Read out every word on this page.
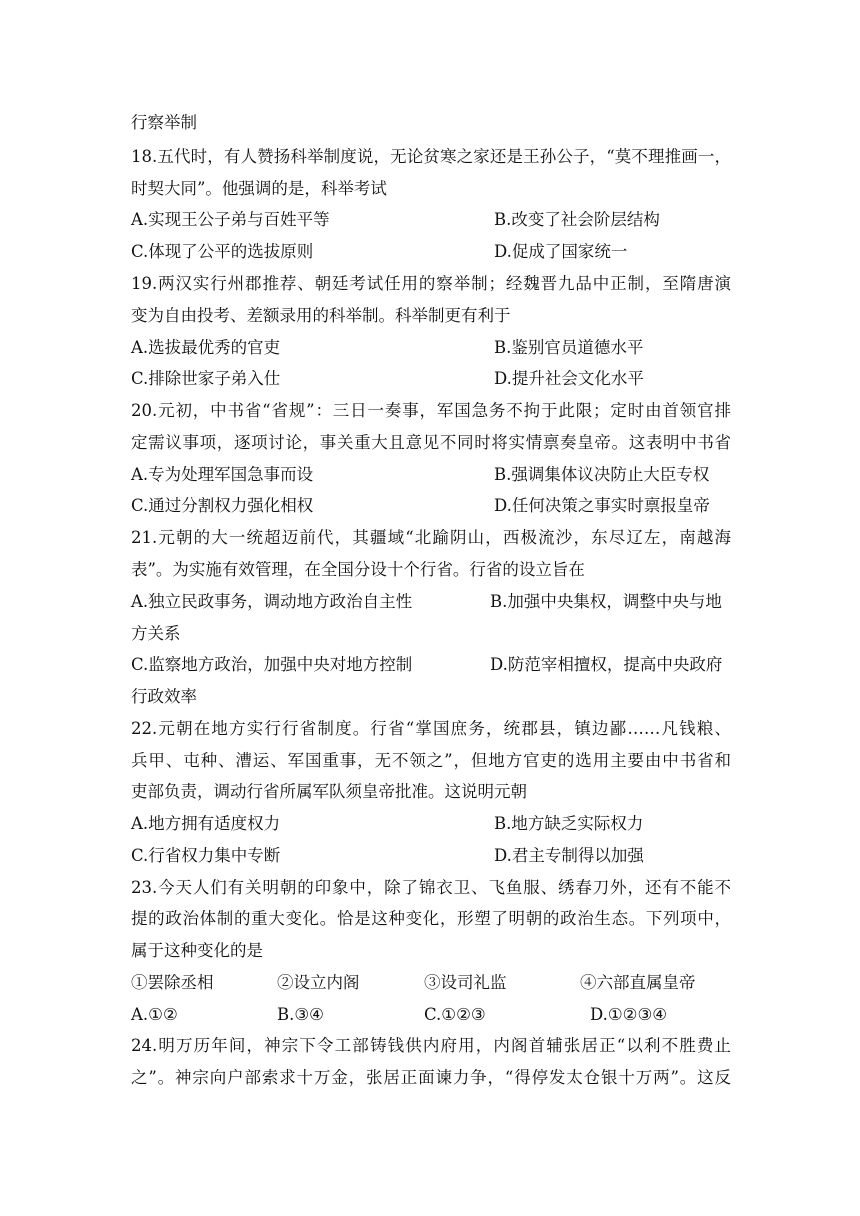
行察举制
18.五代时，有人赞扬科举制度说，无论贫寒之家还是王孙公子，“莫不理推画一，
时契大同”。他强调的是，科举考试
A.实现王公子弟与百姓平等	B.改变了社会阶层结构
C.体现了公平的选拔原则	D.促成了国家统一
19.两汉实行州郡推荐、朝廷考试任用的察举制；经魏晋九品中正制，至隋唐演
变为自由投考、差额录用的科举制。科举制更有利于
A.选拔最优秀的官吏	B.鉴别官员道德水平
C.排除世家子弟入仕	D.提升社会文化水平
20.元初，中书省“省规”：三日一奏事，军国急务不拘于此限；定时由首领官排
定需议事项，逐项讨论，事关重大且意见不同时将实情禀奏皇帝。这表明中书省
A.专为处理军国急事而设	B.强调集体议决防止大臣专权
C.通过分割权力强化相权	D.任何决策之事实时禀报皇帝
21.元朝的大一统超迈前代，其疆域“北踰阴山，西极流沙，东尽辽左，南越海
表”。为实施有效管理，在全国分设十个行省。行省的设立旨在
A.独立民政事务，调动地方政治自主性	B.加强中央集权，调整中央与地
方关系
C.监察地方政治，加强中央对地方控制	D.防范宰相擅权，提高中央政府
行政效率
22.元朝在地方实行行省制度。行省“掌国庶务，统郡县，镇边鄙……凡钱粮、
兵甲、屯种、漕运、军国重事，无不领之”，但地方官吏的选用主要由中书省和
吏部负责，调动行省所属军队须皇帝批准。这说明元朝
A.地方拥有适度权力	B.地方缺乏实际权力
C.行省权力集中专断	D.君主专制得以加强
23.今天人们有关明朝的印象中，除了锦衣卫、飞鱼服、绣春刀外，还有不能不
提的政治体制的重大变化。恰是这种变化，形塑了明朝的政治生态。下列项中，
属于这种变化的是
①罢除丞相	②设立内阁	③设司礼监	④六部直属皇帝
A.①②	B.③④	C.①②③	D.①②③④
24.明万历年间，神宗下令工部铸钱供内府用，内阁首辅张居正“以利不胜费止
之”。神宗向户部索求十万金，张居正面谏力争，“得停发太仓银十万两”。这反
